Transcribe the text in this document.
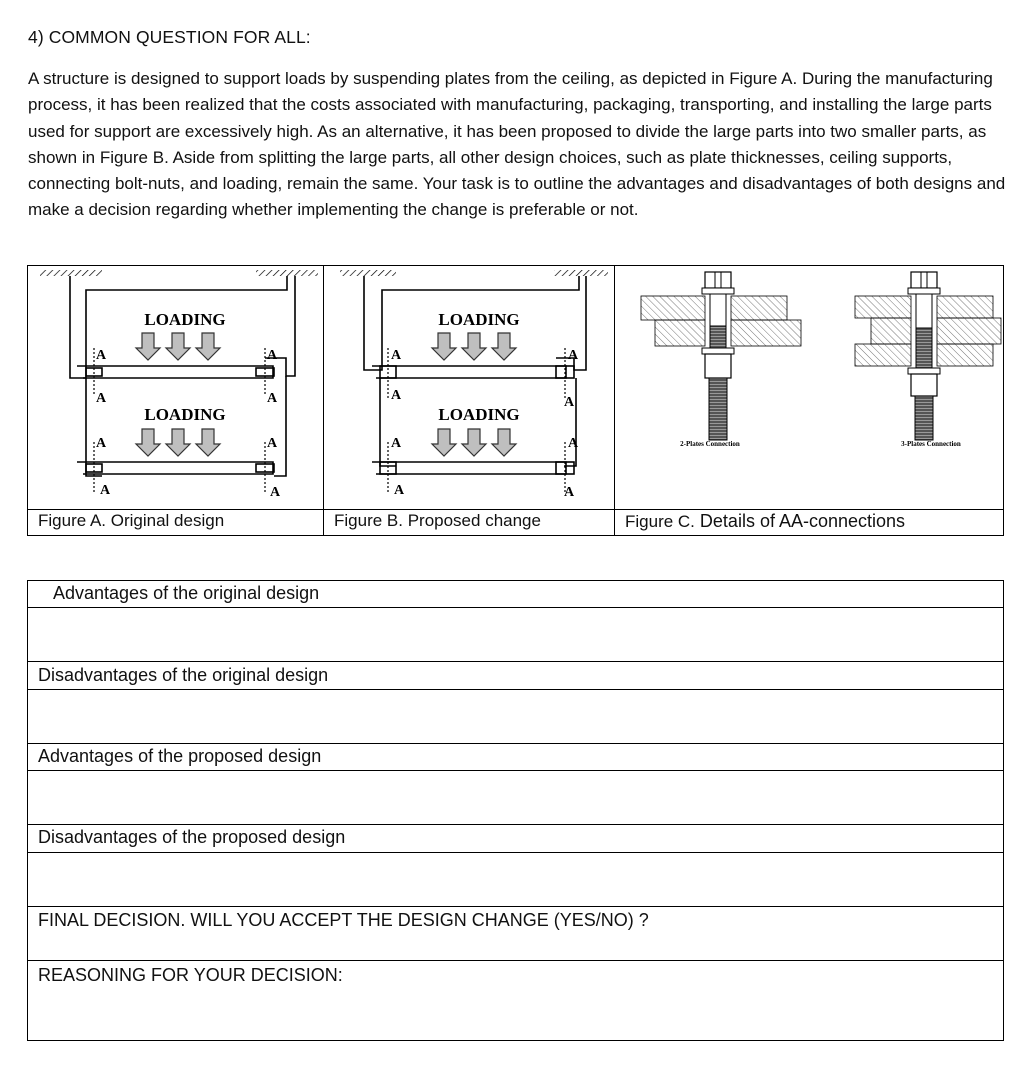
4) COMMON QUESTION FOR ALL:

A structure is designed to support loads by suspending plates from the ceiling, as depicted in Figure A. During the manufacturing process, it has been realized that the costs associated with manufacturing, packaging, transporting, and installing the large parts used for support are excessively high. As an alternative, it has been proposed to divide the large parts into two smaller parts, as shown in Figure B. Aside from splitting the large parts, all other design choices, such as plate thicknesses, ceiling supports, connecting bolt-nuts, and loading, remain the same. Your task is to outline the advantages and disadvantages of both designs and make a decision regarding whether implementing the change is preferable or not.

LOADING
LOADING
A
A
A
A
A
A
A
A
LOADING
LOADING
A
A
A
A
A
A
A
A
2-Plates Connection	3-Plates Connection
Figure A. Original design	Figure B. Proposed change	Figure C. Details of AA-connections
Advantages of the original design
Disadvantages of the original design
Advantages of the proposed design
Disadvantages of the proposed design
FINAL DECISION. WILL YOU ACCEPT THE DESIGN CHANGE (YES/NO) ?
REASONING FOR YOUR DECISION:
